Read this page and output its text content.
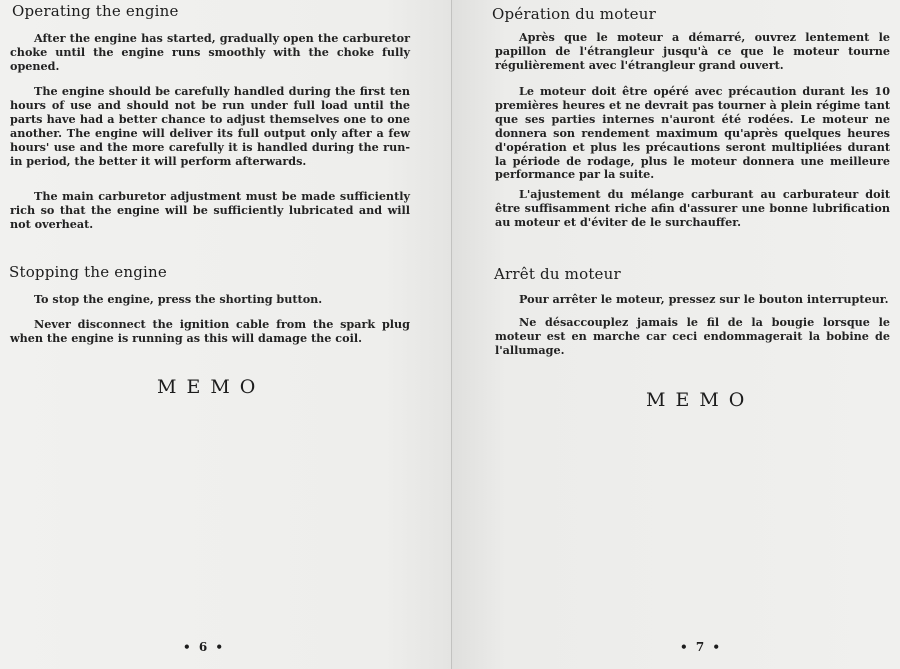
Operating the engine

After the engine has started, gradually open the carburetor choke until the engine runs smoothly with the choke fully opened.

The engine should be carefully handled during the first ten hours of use and should not be run under full load until the parts have had a better chance to adjust themselves one to one another. The engine will deliver its full output only after a few hours' use and the more carefully it is handled during the run-in period, the better it will perform afterwards.

The main carburetor adjustment must be made sufficiently rich so that the engine will be sufficiently lubricated and will not overheat.

Stopping the engine

To stop the engine, press the shorting button.

Never disconnect the ignition cable from the spark plug when the engine is running as this will damage the coil.

MEMO
• 6 •
Opération du moteur

Après que le moteur a démarré, ouvrez lentement le papillon de l'étrangleur jusqu'à ce que le moteur tourne régulièrement avec l'étrangleur grand ouvert.

Le moteur doit être opéré avec précaution durant les 10 premières heures et ne devrait pas tourner à plein régime tant que ses parties internes n'auront été rodées. Le moteur ne donnera son rendement maximum qu'après quelques heures d'opération et plus les précautions seront multipliées durant la période de rodage, plus le moteur donnera une meilleure performance par la suite.

L'ajustement du mélange carburant au carburateur doit être suffisamment riche afin d'assurer une bonne lubrification au moteur et d'éviter de le surchauffer.

Arrêt du moteur

Pour arrêter le moteur, pressez sur le bouton interrupteur.

Ne désaccouplez jamais le fil de la bougie lorsque le moteur est en marche car ceci endommagerait la bobine de l'allumage.

MEMO
• 7 •
